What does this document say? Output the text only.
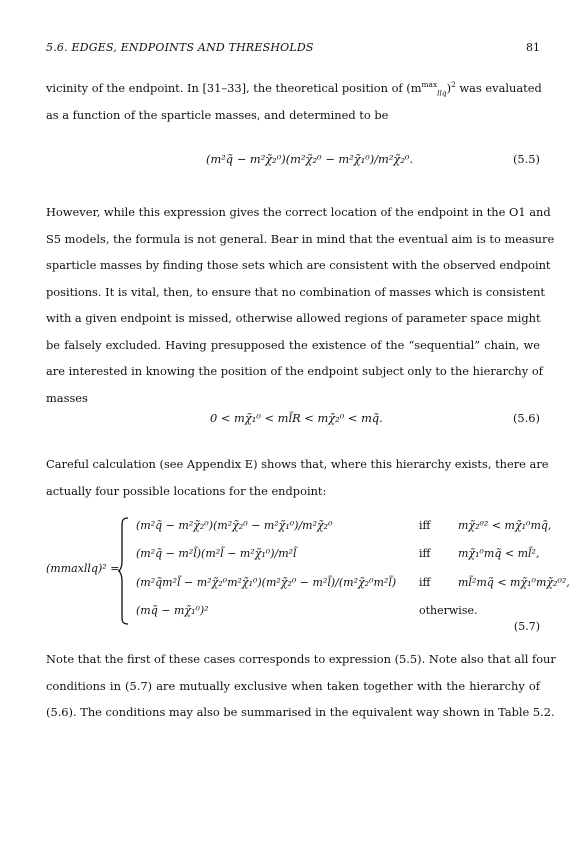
5.6. EDGES, ENDPOINTS AND THRESHOLDS	81
vicinity of the endpoint. In [31–33], the theoretical position of $(m^{max}_{llq})^2$ was evaluated
as a function of the sparticle masses, and determined to be
(m²q̃ − m²χ̃₂⁰)(m²χ̃₂⁰ − m²χ̃₁⁰)/m²χ̃₂⁰.	(5.5)
However, while this expression gives the correct location of the endpoint in the O1 and
S5 models, the formula is not general. Bear in mind that the eventual aim is to measure
sparticle masses by finding those sets which are consistent with the observed endpoint
positions. It is vital, then, to ensure that no combination of masses which is consistent
with a given endpoint is missed, otherwise allowed regions of parameter space might
be falsely excluded. Having presupposed the existence of the “sequential” chain, we
are interested in knowing the position of the endpoint subject only to the hierarchy of
masses
0 < mχ̃₁⁰ < ml̃R < mχ̃₂⁰ < mq̃.	(5.6)
Careful calculation (see Appendix E) shows that, where this hierarchy exists, there are
actually four possible locations for the endpoint:
(mmaxllq)² =
(m²q̃ − m²χ̃₂⁰)(m²χ̃₂⁰ − m²χ̃₁⁰)/m²χ̃₂⁰	iff	mχ̃₂⁰² < mχ̃₁⁰mq̃,
(m²q̃ − m²l̃)(m²l̃ − m²χ̃₁⁰)/m²l̃	iff	mχ̃₁⁰mq̃ < ml̃²,
(m²q̃m²l̃ − m²χ̃₂⁰m²χ̃₁⁰)(m²χ̃₂⁰ − m²l̃)/(m²χ̃₂⁰m²l̃) iff	ml̃²mq̃ < mχ̃₁⁰mχ̃₂⁰²,
(mq̃ − mχ̃₁⁰)²	otherwise.
(5.7)
Note that the first of these cases corresponds to expression (5.5). Note also that all four
conditions in (5.7) are mutually exclusive when taken together with the hierarchy of
(5.6). The conditions may also be summarised in the equivalent way shown in Table 5.2.
